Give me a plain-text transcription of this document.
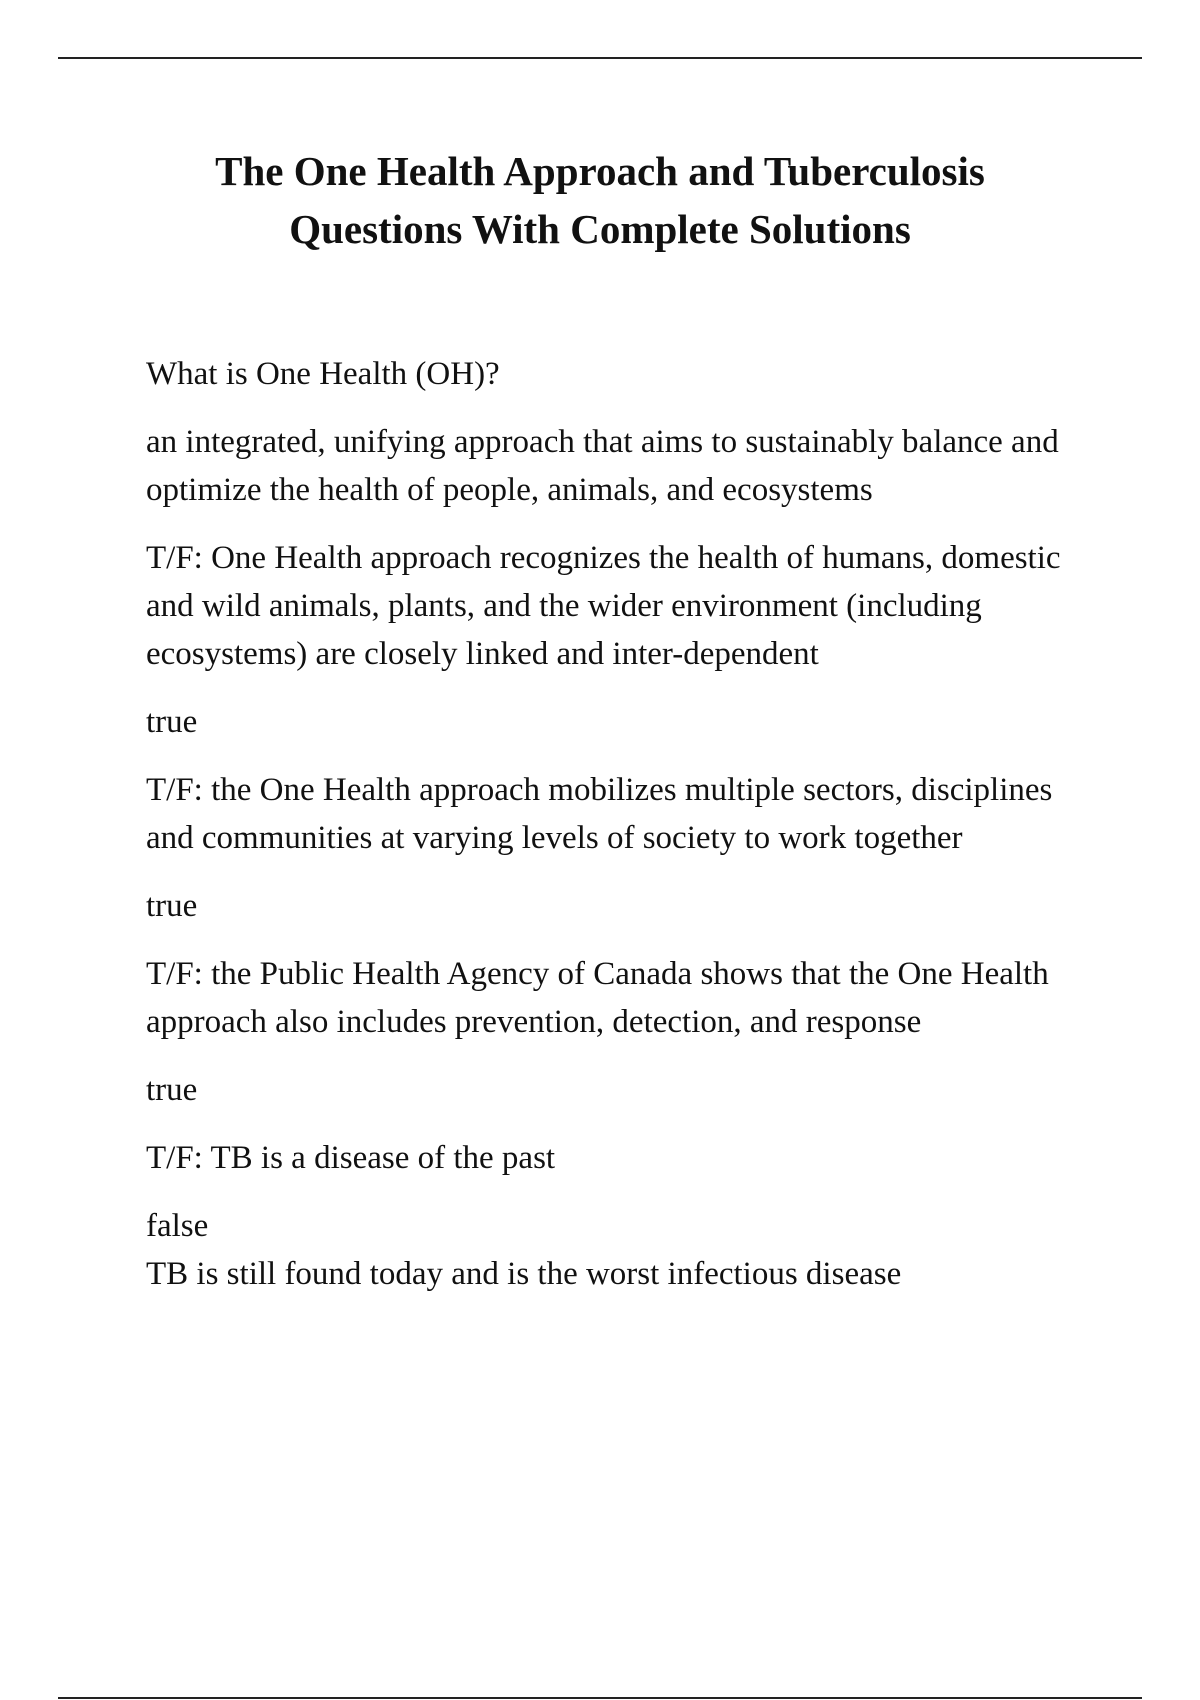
The One Health Approach and Tuberculosis
Questions With Complete Solutions

What is One Health (OH)?

an integrated, unifying approach that aims to sustainably balance and optimize the health of people, animals, and ecosystems

T/F: One Health approach recognizes the health of humans, domestic and wild animals, plants, and the wider environment (including ecosystems) are closely linked and inter-dependent

true

T/F: the One Health approach mobilizes multiple sectors, disciplines and communities at varying levels of society to work together

true

T/F: the Public Health Agency of Canada shows that the One Health approach also includes prevention, detection, and response

true

T/F: TB is a disease of the past

false

TB is still found today and is the worst infectious disease
